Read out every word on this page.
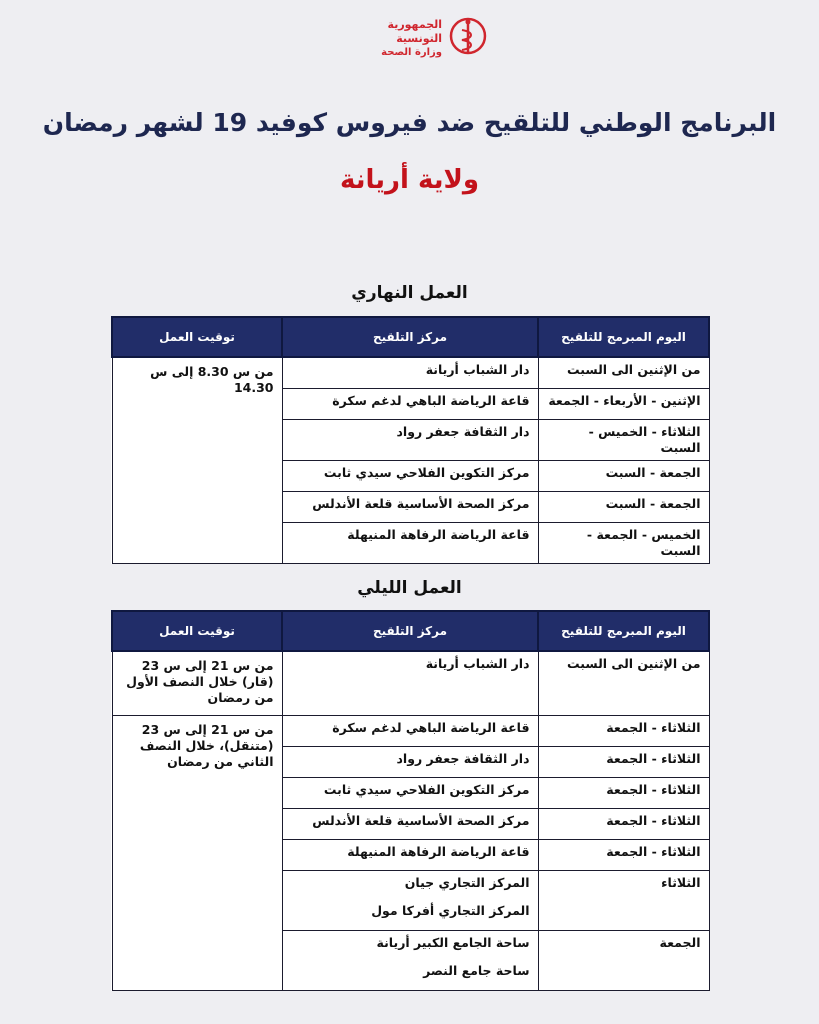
الجمهورية التونسية
وزارة الصحة
البرنامج الوطني للتلقيح ضد فيروس كوفيد 19 لشهر رمضان
ولاية أريانة
العمل النهاري
اليوم المبرمج للتلقيح	مركز التلقيح	توقيت العمل
من الإثنين الى السبت	دار الشباب أريانة	من س 8.30 إلى س 14.30
الإثنين - الأربعاء - الجمعة	قاعة الرياضة الباهي لدغم سكرة	
الثلاثاء - الخميس - السبت	دار الثقافة جعفر رواد	
الجمعة - السبت	مركز التكوين الفلاحي سيدي ثابت	
الجمعة - السبت	مركز الصحة الأساسية قلعة الأندلس	
الخميس - الجمعة - السبت	قاعة الرياضة الرفاهة المنيهلة	
العمل الليلي
اليوم المبرمج للتلقيح	مركز التلقيح	توقيت العمل
من الإثنين الى السبت	دار الشباب أريانة	من س 21 إلى س 23 (قار) خلال النصف الأول من رمضان
الثلاثاء - الجمعة	قاعة الرياضة الباهي لدغم سكرة	من س 21 إلى س 23 (متنقل)، خلال النصف الثاني من رمضان
الثلاثاء - الجمعة	دار الثقافة جعفر رواد	
الثلاثاء - الجمعة	مركز التكوين الفلاحي سيدي ثابت	
الثلاثاء - الجمعة	مركز الصحة الأساسية قلعة الأندلس	
الثلاثاء - الجمعة	قاعة الرياضة الرفاهة المنيهلة	
الثلاثاء	المركز التجاري جيان
المركز التجاري أفركا مول	

الجمعة	ساحة الجامع الكبير أريانة
ساحة جامع النصر	
